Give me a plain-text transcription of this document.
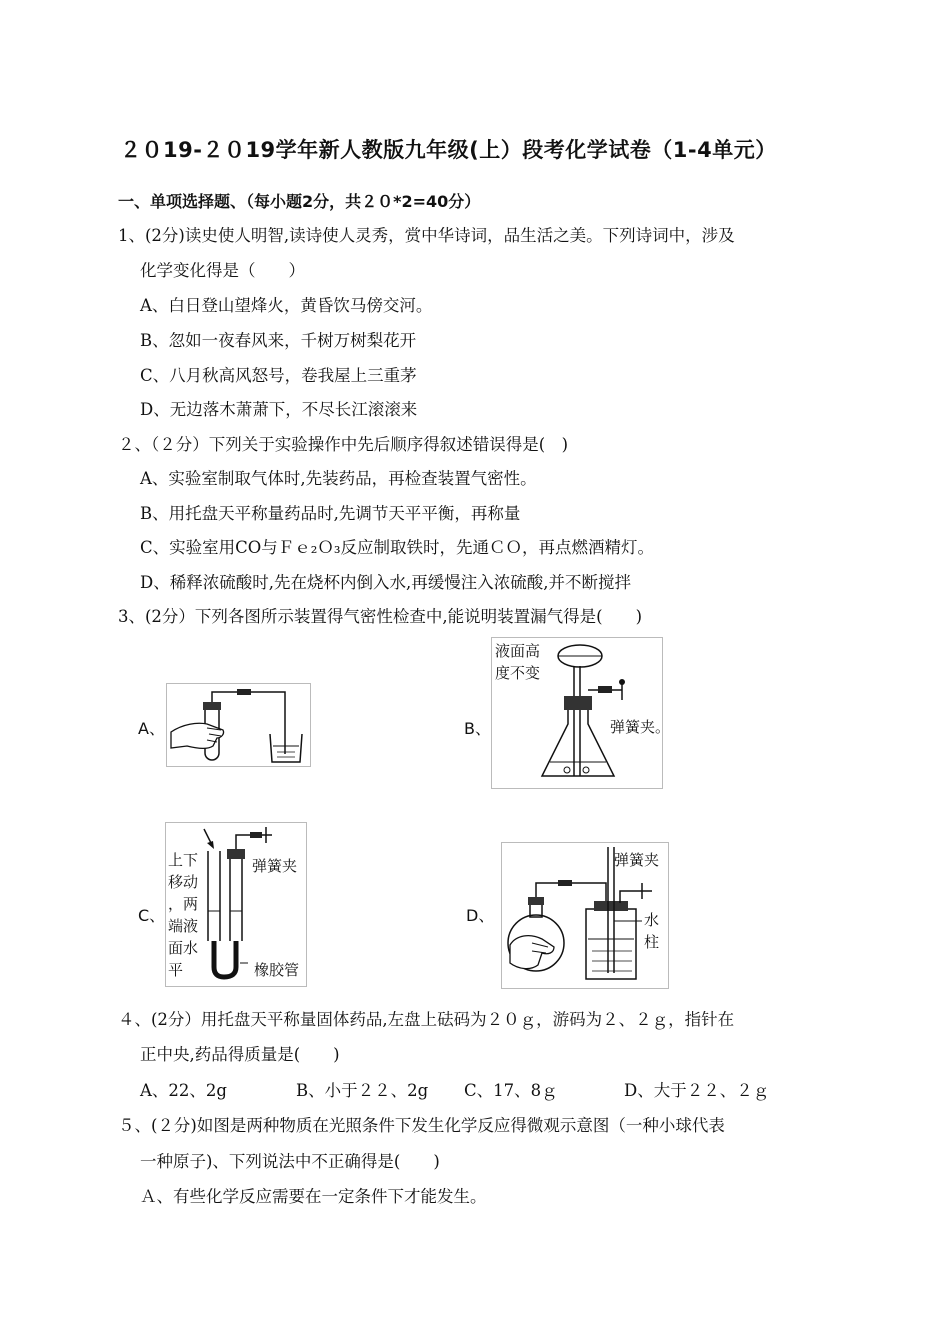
２０19-２０19学年新人教版九年级(上）段考化学试卷（1-4单元）
一、单项选择题、（每小题2分，共２０*2=40分）
1、(2分)读史使人明智,读诗使人灵秀，赏中华诗词，品生活之美。下列诗词中，涉及
化学变化得是（　　）
A、白日登山望烽火，黄昏饮马傍交河。
B、忽如一夜春风来，千树万树梨花开
C、八月秋高风怒号，卷我屋上三重茅
D、无边落木萧萧下，不尽长江滚滚来
２、（２分）下列关于实验操作中先后顺序得叙述错误得是(　)
A、实验室制取气体时,先装药品，再检查装置气密性。
B、用托盘天平称量药品时,先调节天平平衡，再称量
C、实验室用CO与Ｆｅ₂Ｏ₃反应制取铁时，先通ＣＯ，再点燃酒精灯。
D、稀释浓硫酸时,先在烧杯内倒入水,再缓慢注入浓硫酸,并不断搅拌
3、(2分）下列各图所示装置得气密性检查中,能说明装置漏气得是(　　)
A、	B、
液面高
度不变
弹簧夹。
C、
上下
移动
，两
端液
面水
平
弹簧夹
橡胶管
D、
弹簧夹
水
柱
４、(2分）用托盘天平称量固体药品,左盘上砝码为２０ｇ，游码为２、２ｇ，指针在
正中央,药品得质量是(　　)
A、22、2g	B、小于２２、2g C、17、8ｇ	D、大于２２、２ｇ
５、(２分)如图是两种物质在光照条件下发生化学反应得微观示意图（一种小球代表
一种原子)、下列说法中不正确得是(　　)
Ａ、有些化学反应需要在一定条件下才能发生。
